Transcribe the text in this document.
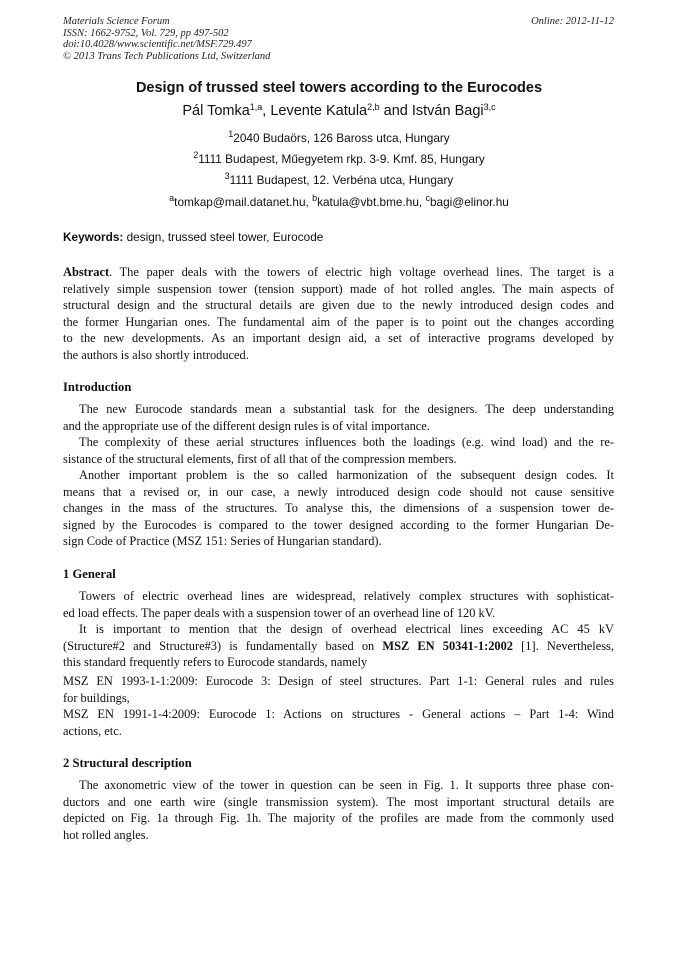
Materials Science Forum
ISSN: 1662-9752, Vol. 729, pp 497-502
doi:10.4028/www.scientific.net/MSF.729.497
© 2013 Trans Tech Publications Ltd, Switzerland
Online: 2012-11-12
Design of trussed steel towers according to the Eurocodes
Pál Tomka$^{1,a}$, Levente Katula$^{2,b}$ and István Bagi$^{3,c}$
$^1$2040 Budaörs, 126 Baross utca, Hungary
$^2$1111 Budapest, Műegyetem rkp. 3-9. Kmf. 85, Hungary
$^3$1111 Budapest, 12. Verbéna utca, Hungary
$^a$tomkap@mail.datanet.hu, $^b$katula@vbt.bme.hu, $^c$bagi@elinor.hu
Keywords: design, trussed steel tower, Eurocode
Abstract. The paper deals with the towers of electric high voltage overhead lines. The target is a
relatively simple suspension tower (tension support) made of hot rolled angles. The main aspects of
structural design and the structural details are given due to the newly introduced design codes and
the former Hungarian ones. The fundamental aim of the paper is to point out the changes according
to the new developments. As an important design aid, a set of interactive programs developed by
the authors is also shortly introduced.
Introduction
The new Eurocode standards mean a substantial task for the designers. The deep understanding
and the appropriate use of the different design rules is of vital importance.
The complexity of these aerial structures influences both the loadings (e.g. wind load) and the re-
sistance of the structural elements, first of all that of the compression members.
Another important problem is the so called harmonization of the subsequent design codes. It
means that a revised or, in our case, a newly introduced design code should not cause sensitive
changes in the mass of the structures. To analyse this, the dimensions of a suspension tower de-
signed by the Eurocodes is compared to the tower designed according to the former Hungarian De-
sign Code of Practice (MSZ 151: Series of Hungarian standard).
1 General
Towers of electric overhead lines are widespread, relatively complex structures with sophisticat-
ed load effects. The paper deals with a suspension tower of an overhead line of 120 kV.
It is important to mention that the design of overhead electrical lines exceeding AC 45 kV
(Structure#2 and Structure#3) is fundamentally based on MSZ EN 50341-1:2002 [1]. Nevertheless,
this standard frequently refers to Eurocode standards, namely
MSZ EN 1993-1-1:2009: Eurocode 3: Design of steel structures. Part 1-1: General rules and rules
for buildings,
MSZ EN 1991-1-4:2009: Eurocode 1: Actions on structures - General actions – Part 1-4: Wind
actions, etc.
2 Structural description
The axonometric view of the tower in question can be seen in Fig. 1. It supports three phase con-
ductors and one earth wire (single transmission system). The most important structural details are
depicted on Fig. 1a through Fig. 1h. The majority of the profiles are made from the commonly used
hot rolled angles.
